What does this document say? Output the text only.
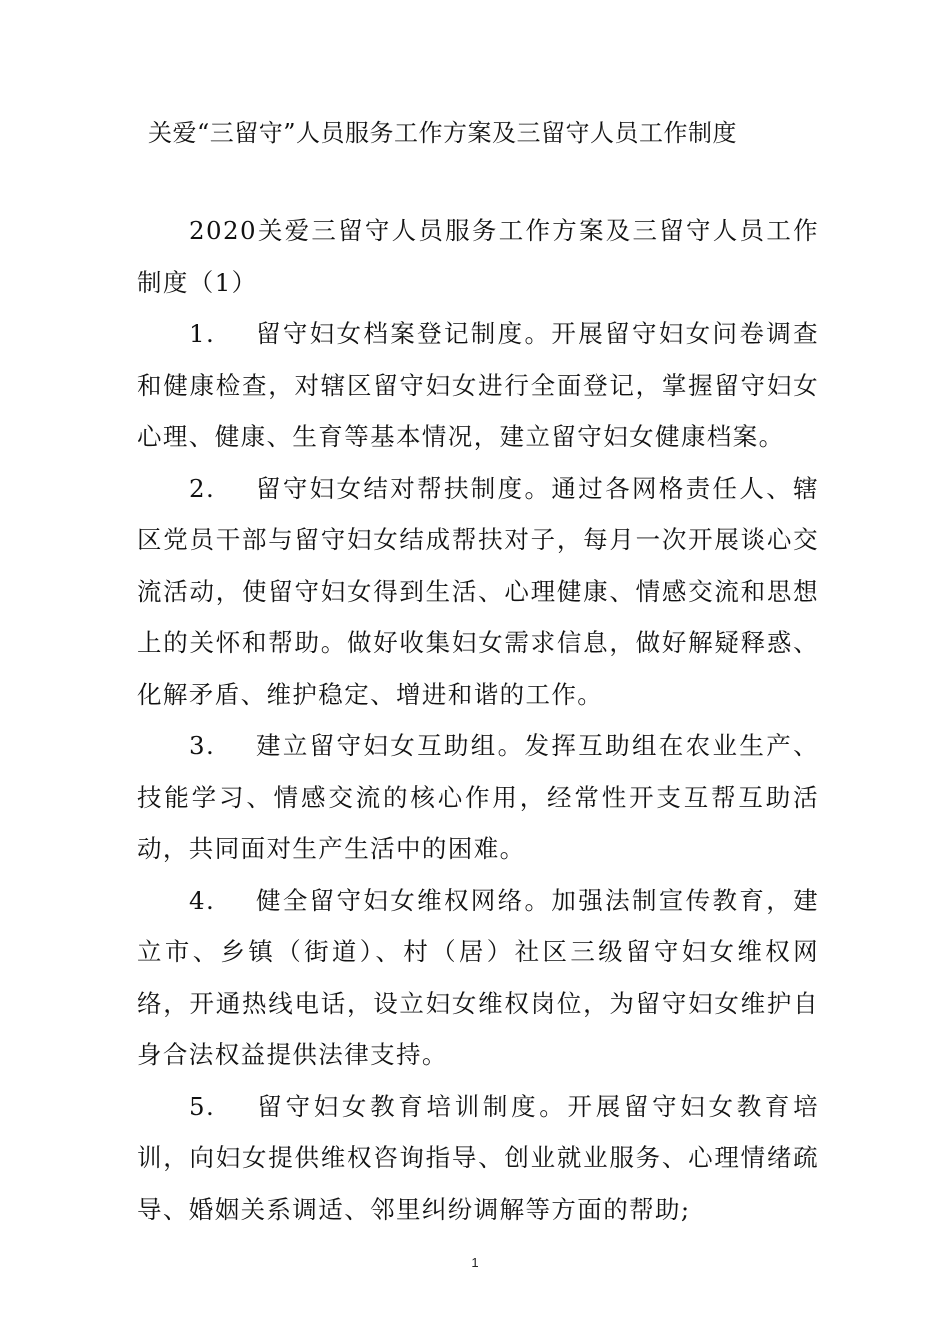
关爱“三留守”人员服务工作方案及三留守人员工作制度

2020关爱三留守人员服务工作方案及三留守人员工作制度（1）

1. 留守妇女档案登记制度。开展留守妇女问卷调查和健康检查，对辖区留守妇女进行全面登记，掌握留守妇女心理、健康、生育等基本情况，建立留守妇女健康档案。

2. 留守妇女结对帮扶制度。通过各网格责任人、辖区党员干部与留守妇女结成帮扶对子，每月一次开展谈心交流活动，使留守妇女得到生活、心理健康、情感交流和思想上的关怀和帮助。做好收集妇女需求信息，做好解疑释惑、化解矛盾、维护稳定、增进和谐的工作。

3. 建立留守妇女互助组。发挥互助组在农业生产、技能学习、情感交流的核心作用，经常性开支互帮互助活动，共同面对生产生活中的困难。

4. 健全留守妇女维权网络。加强法制宣传教育，建立市、乡镇（街道）、村（居）社区三级留守妇女维权网络，开通热线电话，设立妇女维权岗位，为留守妇女维护自身合法权益提供法律支持。

5. 留守妇女教育培训制度。开展留守妇女教育培训，向妇女提供维权咨询指导、创业就业服务、心理情绪疏导、婚姻关系调适、邻里纠纷调解等方面的帮助;

1
